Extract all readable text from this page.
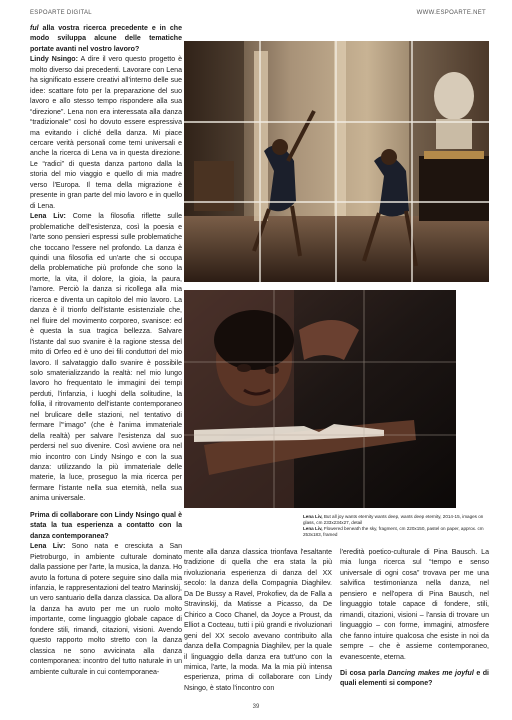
ESPOARTE DIGITAL	WWW.ESPOARTE.NET

ful alla vostra ricerca precedente e in che modo sviluppa alcune delle tematiche portate avanti nel vostro lavoro?

Lindy Nsingo: A dire il vero questo progetto è molto diverso dai precedenti. Lavorare con Lena ha significato essere creativi all'interno delle sue idee: scattare foto per la preparazione del suo lavoro e allo stesso tempo rispondere alla sua “direzione”. Lena non era interessata alla danza “tradizionale” così ho dovuto essere espressiva ma evitando i cliché della danza. Mi piace cercare verità personali come temi universali e anche la ricerca di Lena va in questa direzione. Le “radici” di questa danza partono dalla la storia del mio viaggio e quello di mia madre verso l'Europa. Il tema della migrazione è presente in gran parte del mio lavoro e in quello di Lena.

Lena Liv: Come la filosofia riflette sulle problematiche dell'esistenza, così la poesia e l'arte sono pensieri espressi sulle problematiche che toccano l'essere nel profondo. La danza è quindi una filosofia ed un'arte che si occupa della problematiche più profonde che sono la morte, la vita, il dolore, la gioia, la paura, l'amore. Perciò la danza si ricollega alla mia ricerca e diventa un capitolo del mio lavoro. La danza è il trionfo dell'istante esistenziale che, nel fluire del movimento corporeo, svanisce: ed è questa la sua tragica bellezza. Salvare l'istante dal suo svanire è la ragione stessa del mito di Orfeo ed è uno dei fili conduttori del mio lavoro. Il salvataggio dallo svanire è possibile solo smaterializzando la realtà: nel mio lungo lavoro ho frequentato le immagini dei tempi perduti, l'infanzia, i luoghi della solitudine, la follia, il ritrovamento dell'istante contemporaneo nel brulicare delle stazioni, nel tentativo di fermare l'“imago” (che è l'anima immateriale della realtà) per salvare l'esistenza dal suo perdersi nel suo divenire. Così avviene ora nel mio incontro con Lindy Nsingo e con la sua danza: utilizzando la più immateriale delle materie, la luce, proseguo la mia ricerca per fermare l'istante nella sua eternità, nella sua anima universale.

Prima di collaborare con Lindy Nsingo qual è stata la tua esperienza a contatto con la danza contemporanea?

Lena Liv: Sono nata e cresciuta a San Pietroburgo, in ambiente culturale dominato dalla passione per l'arte, la musica, la danza. Ho avuto la fortuna di potere seguire sino dalla mia infanzia, le rappresentazioni del teatro Marinskij, un vero santuario della danza classica. Da allora la danza ha avuto per me un ruolo molto importante, come linguaggio globale capace di fondere stili, rimandi, citazioni, visioni. Avendo questo rapporto molto stretto con la danza classica ne sono avvicinata alla danza contemporanea: incontro del tutto naturale in un ambiente culturale in cui contemporanea-

Lena Liv, But all joy wants eternity wants deep, wants deep eternity, 2014-15, images on glass, cm 233x234x27, detail
Lena Liv, Flowered beneath the sky, fragment, cm 220x150, pastel on paper, approx. cm 253x183, framed

mente alla danza classica trionfava l'esaltante tradizione di quella che era stata la più rivoluzionaria esperienza di danza del XX secolo: la danza della Compagnia Diaghilev. Da De Bussy a Ravel, Prokofiev, da de Falla a Stravinskij, da Matisse a Picasso, da De Chirico a Coco Chanel, da Joyce a Proust, da Elliot a Cocteau, tutti i più grandi e rivoluzionari geni del XX secolo avevano contribuito alla danza della Compagnia Diaghilev, per la quale il linguaggio della danza era tutt'uno con la mimica, l'arte, la moda. Ma la mia più intensa esperienza, prima di collaborare con Lindy Nsingo, è stato l'incontro con

l'eredità poetico-culturale di Pina Bausch. La mia lunga ricerca sul “tempo e senso universale di ogni cosa” trovava per me una salvifica testimonianza nella danza, nel pensiero e nell'opera di Pina Bausch, nel linguaggio totale capace di fondere, stili, rimandi, citazioni, visioni – l'ansia di trovare un linguaggio – con forme, immagini, atmosfere che fanno intuire qualcosa che esiste in noi da sempre – che è assieme contemporaneo, evanescente, eterna.

Di cosa parla Dancing makes me joyful e di quali elementi si compone?

39
